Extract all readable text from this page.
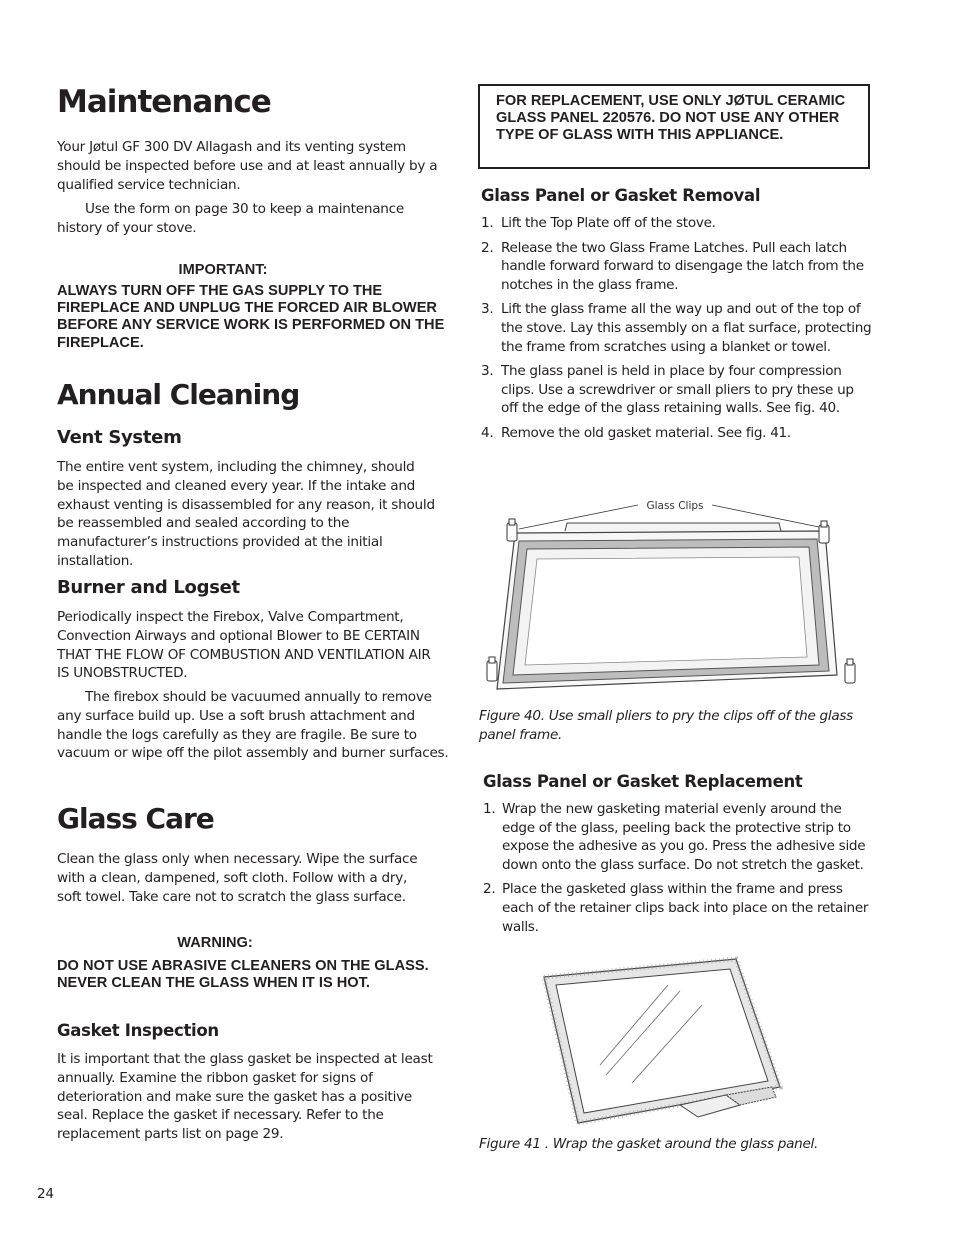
Maintenance

Your Jøtul GF 300 DV Allagash and its venting system should be inspected before use and at least annually by a qualified service technician.

Use the form on page 30 to keep a maintenance history of your stove.

IMPORTANT:

ALWAYS TURN OFF THE GAS SUPPLY TO THE FIREPLACE AND UNPLUG THE FORCED AIR BLOWER BEFORE ANY SERVICE WORK IS PERFORMED ON THE FIREPLACE.

Annual Cleaning
Vent System

The entire vent system, including the chimney, should be inspected and cleaned every year. If the intake and exhaust venting is disassembled for any reason, it should be reassembled and sealed according to the manufacturer’s instructions provided at the initial installation.

Burner and Logset

Periodically inspect the Firebox, Valve Compartment, Convection Airways and optional Blower to BE CERTAIN THAT THE FLOW OF COMBUSTION AND VENTILATION AIR IS UNOBSTRUCTED.

The firebox should be vacuumed annually to remove any surface build up. Use a soft brush attachment and handle the logs carefully as they are fragile. Be sure to vacuum or wipe off the pilot assembly and burner surfaces.

Glass Care

Clean the glass only when necessary. Wipe the surface with a clean, dampened, soft cloth. Follow with a dry, soft towel. Take care not to scratch the glass surface.

WARNING:

DO NOT USE ABRASIVE CLEANERS ON THE GLASS. NEVER CLEAN THE GLASS WHEN IT IS HOT.

Gasket Inspection

It is important that the glass gasket be inspected at least annually. Examine the ribbon gasket for signs of deterioration and make sure the gasket has a positive seal. Replace the gasket if necessary. Refer to the replacement parts list on page 29.

24

FOR REPLACEMENT, USE ONLY JØTUL CERAMIC GLASS PANEL 220576. DO NOT USE ANY OTHER TYPE OF GLASS WITH THIS APPLIANCE.

Glass Panel or Gasket Removal
1. Lift the Top Plate off of the stove.
2. Release the two Glass Frame Latches. Pull each latch handle forward forward to disengage the latch from the notches in the glass frame.
3. Lift the glass frame all the way up and out of the top of the stove. Lay this assembly on a flat surface, protecting the frame from scratches using a blanket or towel.
3. The glass panel is held in place by four compression clips. Use a screwdriver or small pliers to pry these up off the edge of the glass retaining walls. See fig. 40.
4. Remove the old gasket material. See fig. 41.
Glass Clips

Figure 40. Use small pliers to pry the clips off of the glass panel frame.

Glass Panel or Gasket Replacement
1. Wrap the new gasketing material evenly around the edge of the glass, peeling back the protective strip to expose the adhesive as you go. Press the adhesive side down onto the glass surface. Do not stretch the gasket.
2. Place the gasketed glass within the frame and press each of the retainer clips back into place on the retainer walls.

Figure 41 . Wrap the gasket around the glass panel.
